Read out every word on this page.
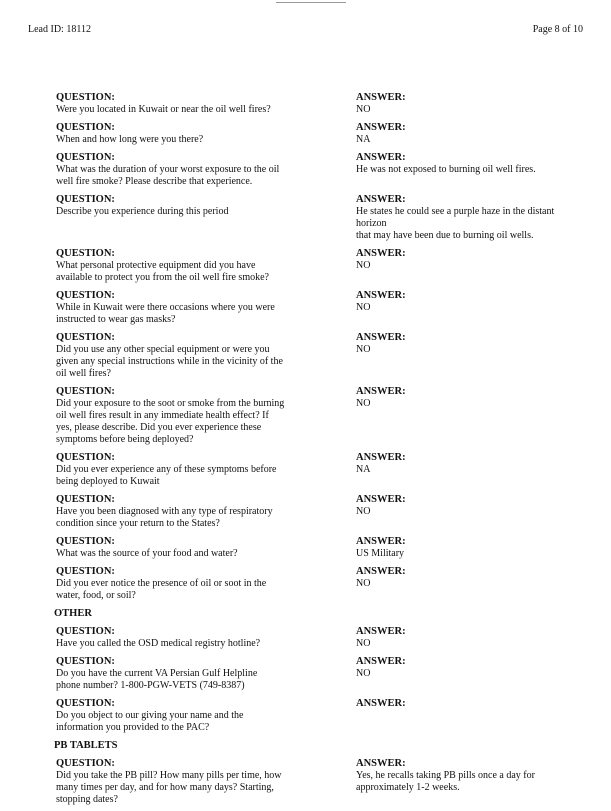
Lead ID: 18112	Page 8 of 10
QUESTION:
Were you located in Kuwait or near the oil well fires?
ANSWER:
NO
QUESTION:
When and how long were you there?
ANSWER:
NA
QUESTION:
What was the duration of your worst exposure to the oil
well fire smoke? Please describe that experience.
ANSWER:
He was not exposed to burning oil well fires.
QUESTION:
Describe you experience during this period
ANSWER:
He states he could see a purple haze in the distant horizon
that may have been due to burning oil wells.
QUESTION:
What personal protective equipment did you have
available to protect you from the oil well fire smoke?
ANSWER:
NO
QUESTION:
While in Kuwait were there occasions where you were
instructed to wear gas masks?
ANSWER:
NO
QUESTION:
Did you use any other special equipment or were you
given any special instructions while in the vicinity of the
oil well fires?
ANSWER:
NO
QUESTION:
Did your exposure to the soot or smoke from the burning
oil well fires result in any immediate health effect? If
yes, please describe. Did you ever experience these
symptoms before being deployed?
ANSWER:
NO
QUESTION:
Did you ever experience any of these symptoms before
being deployed to Kuwait
ANSWER:
NA
QUESTION:
Have you been diagnosed with any type of respiratory
condition since your return to the States?
ANSWER:
NO
QUESTION:
What was the source of your food and water?
ANSWER:
US Military
QUESTION:
Did you ever notice the presence of oil or soot in the
water, food, or soil?
ANSWER:
NO
OTHER
QUESTION:
Have you called the OSD medical registry hotline?
ANSWER:
NO
QUESTION:
Do you have the current VA Persian Gulf Helpline
phone number? 1-800-PGW-VETS (749-8387)
ANSWER:
NO
QUESTION:
Do you object to our giving your name and the
information you provided to the PAC?
ANSWER:
PB TABLETS
QUESTION:
Did you take the PB pill? How many pills per time, how
many times per day, and for how many days? Starting,
stopping dates?
ANSWER:
Yes, he recalls taking PB pills once a day for
approximately 1-2 weeks.
